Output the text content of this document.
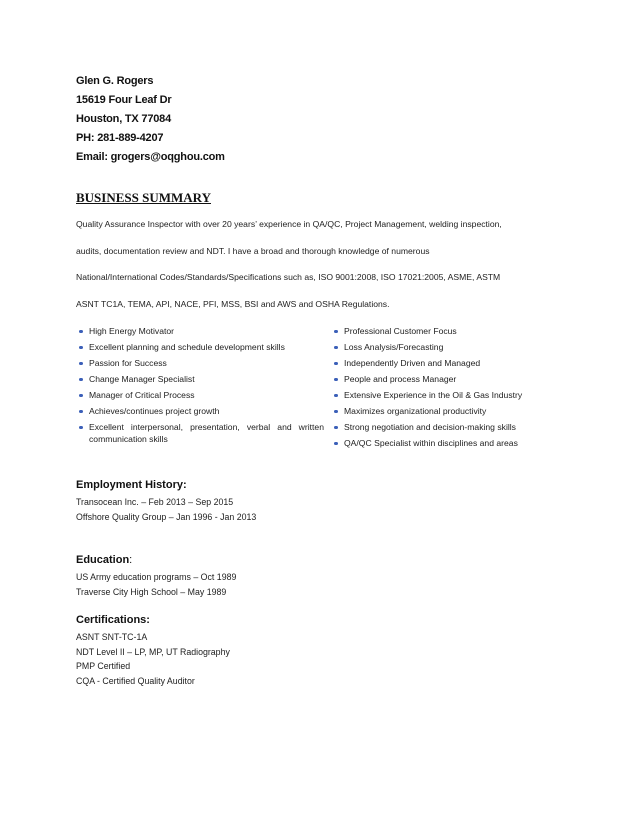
Glen G. Rogers
15619 Four Leaf Dr
Houston, TX 77084
PH: 281-889-4207
Email: grogers@oqghou.com
BUSINESS SUMMARY
Quality Assurance Inspector with over 20 years’ experience in QA/QC, Project Management, welding inspection,
audits, documentation review and NDT. I have a broad and thorough knowledge of numerous
National/International Codes/Standards/Specifications such as, ISO 9001:2008, ISO 17021:2005, ASME, ASTM
ASNT TC1A, TEMA, API, NACE, PFI, MSS, BSI and AWS and OSHA Regulations.
High Energy Motivator
Excellent planning and schedule development skills
Passion for Success
Change Manager Specialist
Manager of Critical Process
Achieves/continues project growth
Excellent interpersonal, presentation, verbal and written communication skills
Professional Customer Focus
Loss Analysis/Forecasting
Independently Driven and Managed
People and process Manager
Extensive Experience in the Oil & Gas Industry
Maximizes organizational productivity
Strong negotiation and decision-making skills
QA/QC Specialist within disciplines and areas
Employment History:
Transocean Inc. – Feb 2013 – Sep 2015
Offshore Quality Group – Jan 1996 - Jan 2013
Education:
US Army education programs – Oct 1989
Traverse City High School – May 1989
Certifications:
ASNT SNT-TC-1A
NDT Level II – LP, MP, UT Radiography
PMP Certified
CQA - Certified Quality Auditor
